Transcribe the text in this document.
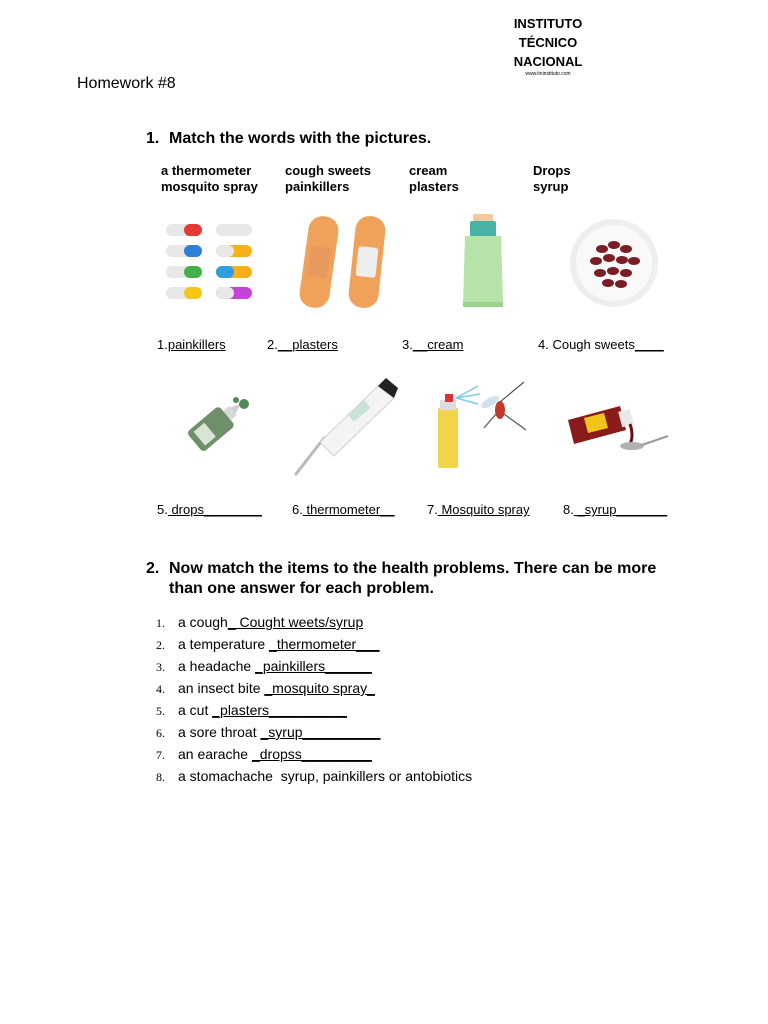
INSTITUTO
TÉCNICO
NACIONAL
www.itninstituto.com
Homework #8
1. Match the words with the pictures.
a thermometer
mosquito spray
cough sweets
painkillers
cream
plasters
Drops
syrup
1.painkillers	2.__plasters	3.__cream	4. Cough sweets____
5. drops________ 6. thermometer__ 7. Mosquito spray	8. _syrup_______
2. Now match the items to the health problems. There can be more than one answer for each problem.
1. a cough_ Cought weets/syrup
2. a temperature _thermometer___
3. a headache _painkillers______
4. an insect bite _mosquito spray_
5. a cut _plasters__________
6. a sore throat _syrup__________
7. an earache _dropss_________
8. a stomachache  syrup, painkillers or antobiotics
